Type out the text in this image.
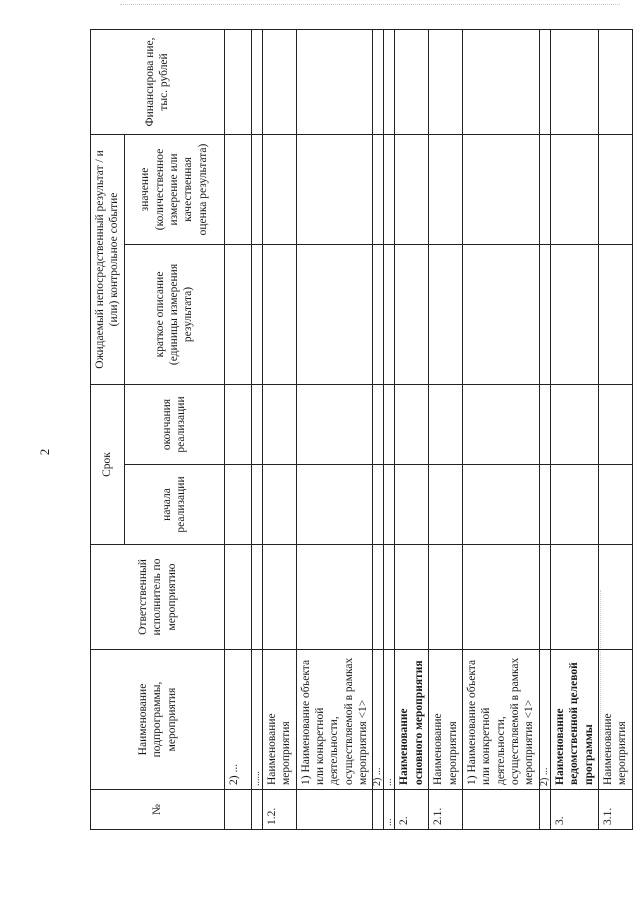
2
№	Наименование подпрограммы, мероприятия	Ответственный исполнитель по мероприятию	Срок		Ожидаемый непосредственный результат / и (или) контрольное событие		Финансирова ние, тыс. рублей
			начала реализации	окончания реализации	краткое описание (единицы измерения результата)	значение (количественное измерение или качественная оценка результата)	
	2) ...						
	......						
1.2.	Наименование мероприятия						
	1) Наименование объекта или конкретной деятельности, осуществляемой в рамках мероприятия <1>						
	2) ...						
...	...						
2.	Наименование основного мероприятия						
2.1.	Наименование мероприятия						
	1) Наименование объекта или конкретной деятельности, осуществляемой в рамках мероприятия <1>						
	2) ...						
3.	Наименование ведомственной целевой программы						
3.1.	Наименование мероприятия						
